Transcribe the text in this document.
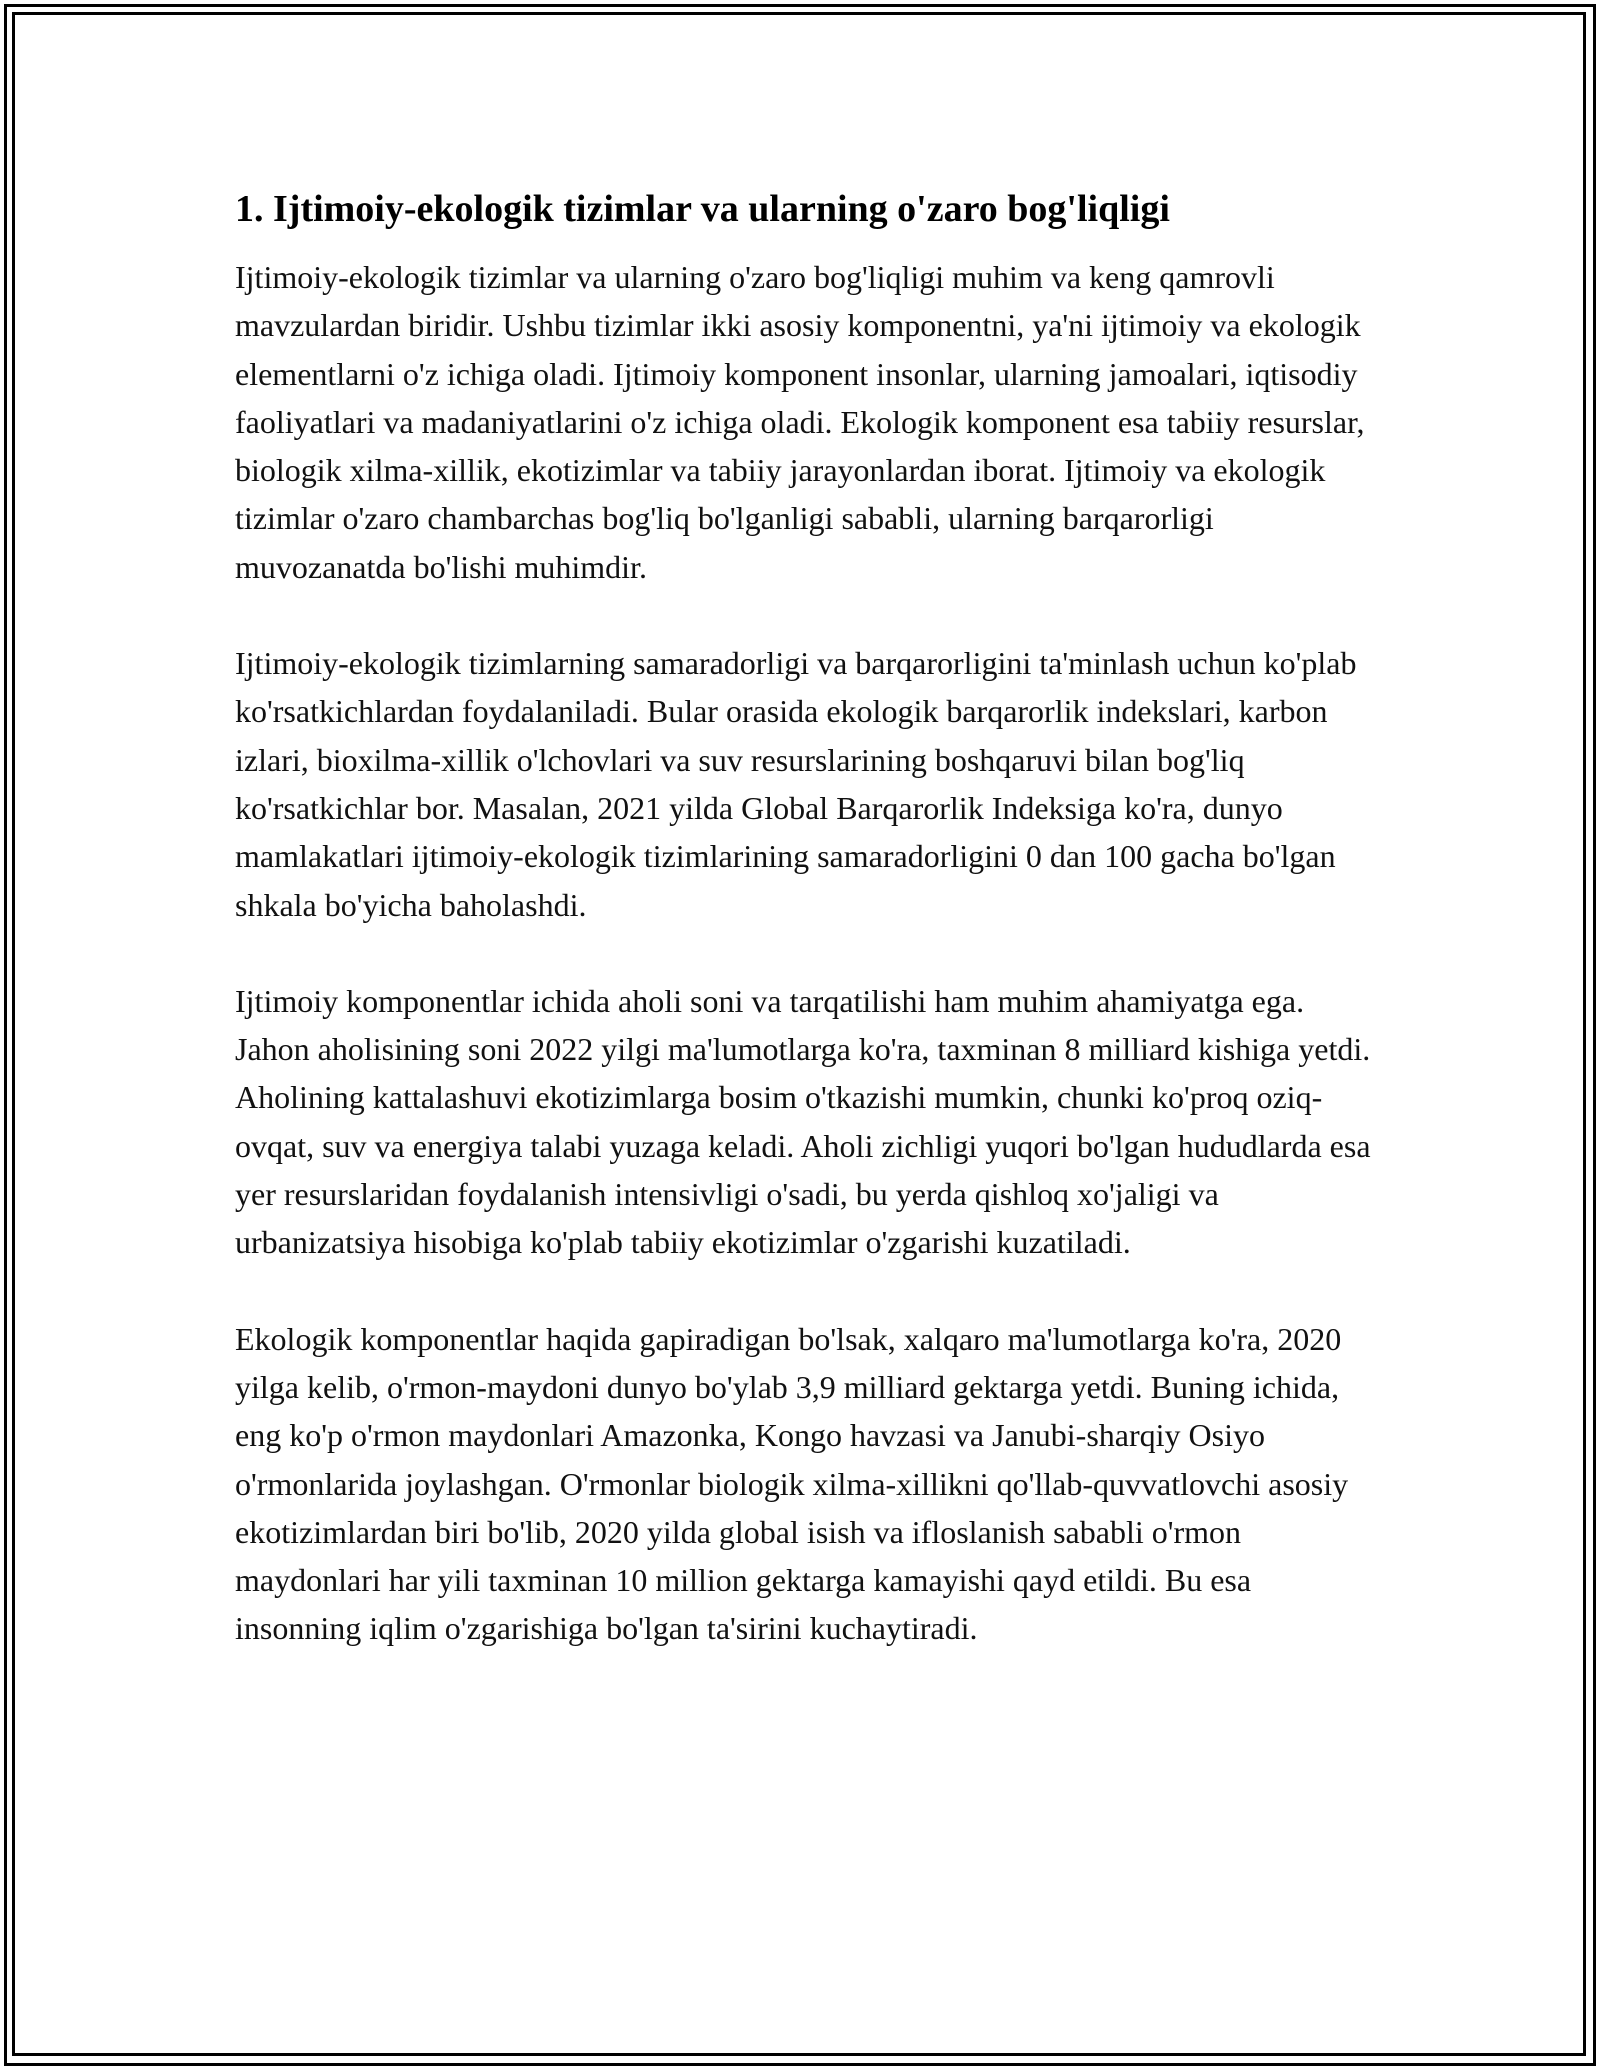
1. Ijtimoiy-ekologik tizimlar va ularning o'zaro bog'liqligi

Ijtimoiy-ekologik tizimlar va ularning o'zaro bog'liqligi muhim va keng qamrovli mavzulardan biridir. Ushbu tizimlar ikki asosiy komponentni, ya'ni ijtimoiy va ekologik elementlarni o'z ichiga oladi. Ijtimoiy komponent insonlar, ularning jamoalari, iqtisodiy faoliyatlari va madaniyatlarini o'z ichiga oladi. Ekologik komponent esa tabiiy resurslar, biologik xilma-xillik, ekotizimlar va tabiiy jarayonlardan iborat. Ijtimoiy va ekologik tizimlar o'zaro chambarchas bog'liq bo'lganligi sababli, ularning barqarorligi muvozanatda bo'lishi muhimdir.

Ijtimoiy-ekologik tizimlarning samaradorligi va barqarorligini ta'minlash uchun ko'plab ko'rsatkichlardan foydalaniladi. Bular orasida ekologik barqarorlik indekslari, karbon izlari, bioxilma-xillik o'lchovlari va suv resurslarining boshqaruvi bilan bog'liq ko'rsatkichlar bor. Masalan, 2021 yilda Global Barqarorlik Indeksiga ko'ra, dunyo mamlakatlari ijtimoiy-ekologik tizimlarining samaradorligini 0 dan 100 gacha bo'lgan shkala bo'yicha baholashdi.

Ijtimoiy komponentlar ichida aholi soni va tarqatilishi ham muhim ahamiyatga ega. Jahon aholisining soni 2022 yilgi ma'lumotlarga ko'ra, taxminan 8 milliard kishiga yetdi. Aholining kattalashuvi ekotizimlarga bosim o'tkazishi mumkin, chunki ko'proq oziq-ovqat, suv va energiya talabi yuzaga keladi. Aholi zichligi yuqori bo'lgan hududlarda esa yer resurslaridan foydalanish intensivligi o'sadi, bu yerda qishloq xo'jaligi va urbanizatsiya hisobiga ko'plab tabiiy ekotizimlar o'zgarishi kuzatiladi.

Ekologik komponentlar haqida gapiradigan bo'lsak, xalqaro ma'lumotlarga ko'ra, 2020 yilga kelib, o'rmon-maydoni dunyo bo'ylab 3,9 milliard gektarga yetdi. Buning ichida, eng ko'p o'rmon maydonlari Amazonka, Kongo havzasi va Janubi-sharqiy Osiyo o'rmonlarida joylashgan. O'rmonlar biologik xilma-xillikni qo'llab-quvvatlovchi asosiy ekotizimlardan biri bo'lib, 2020 yilda global isish va ifloslanish sababli o'rmon maydonlari har yili taxminan 10 million gektarga kamayishi qayd etildi. Bu esa insonning iqlim o'zgarishiga bo'lgan ta'sirini kuchaytiradi.
